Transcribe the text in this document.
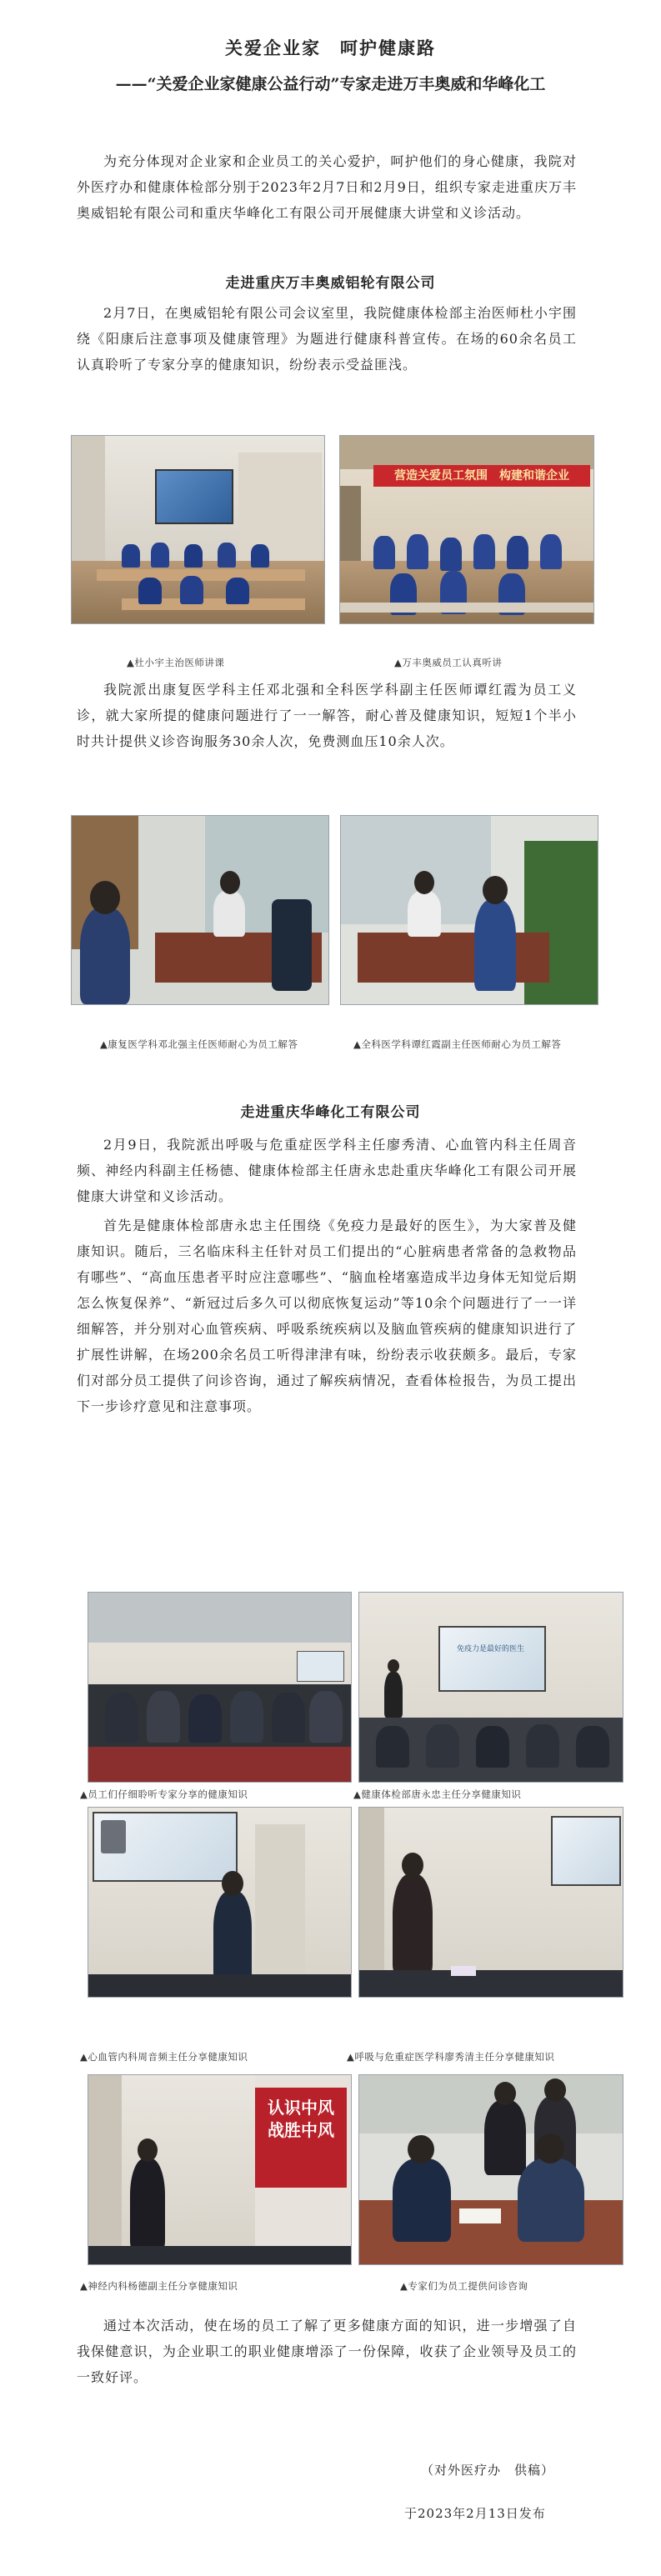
关爱企业家　呵护健康路
——“关爱企业家健康公益行动”专家走进万丰奥威和华峰化工
为充分体现对企业家和企业员工的关心爱护，呵护他们的身心健康，我院对外医疗办和健康体检部分别于2023年2月7日和2月9日，组织专家走进重庆万丰奥威铝轮有限公司和重庆华峰化工有限公司开展健康大讲堂和义诊活动。
走进重庆万丰奥威铝轮有限公司
2月7日，在奥威铝轮有限公司会议室里，我院健康体检部主治医师杜小宇围绕《阳康后注意事项及健康管理》为题进行健康科普宣传。在场的60余名员工认真聆听了专家分享的健康知识，纷纷表示受益匪浅。
营造关爱员工氛围　构建和谐企业
▲杜小宇主治医师讲课	▲万丰奥威员工认真听讲
我院派出康复医学科主任邓北强和全科医学科副主任医师谭红霞为员工义诊，就大家所提的健康问题进行了一一解答，耐心普及健康知识，短短1个半小时共计提供义诊咨询服务30余人次，免费测血压10余人次。
▲康复医学科邓北强主任医师耐心为员工解答	▲全科医学科谭红霞副主任医师耐心为员工解答
走进重庆华峰化工有限公司
2月9日，我院派出呼吸与危重症医学科主任廖秀清、心血管内科主任周音频、神经内科副主任杨德、健康体检部主任唐永忠赴重庆华峰化工有限公司开展健康大讲堂和义诊活动。
首先是健康体检部唐永忠主任围绕《免疫力是最好的医生》，为大家普及健康知识。随后，三名临床科主任针对员工们提出的“心脏病患者常备的急救物品有哪些”、“高血压患者平时应注意哪些”、“脑血栓堵塞造成半边身体无知觉后期怎么恢复保养”、“新冠过后多久可以彻底恢复运动”等10余个问题进行了一一详细解答，并分别对心血管疾病、呼吸系统疾病以及脑血管疾病的健康知识进行了扩展性讲解，在场200余名员工听得津津有味，纷纷表示收获颇多。最后，专家们对部分员工提供了问诊咨询，通过了解疾病情况，查看体检报告，为员工提出下一步诊疗意见和注意事项。
免疫力是最好的医生
▲员工们仔细聆听专家分享的健康知识	▲健康体检部唐永忠主任分享健康知识
▲心血管内科周音频主任分享健康知识	▲呼吸与危重症医学科廖秀清主任分享健康知识
认识中风
战胜中风
▲神经内科杨德副主任分享健康知识	▲专家们为员工提供问诊咨询
通过本次活动，使在场的员工了解了更多健康方面的知识，进一步增强了自我保健意识，为企业职工的职业健康增添了一份保障，收获了企业领导及员工的一致好评。
（对外医疗办　供稿）
于2023年2月13日发布
